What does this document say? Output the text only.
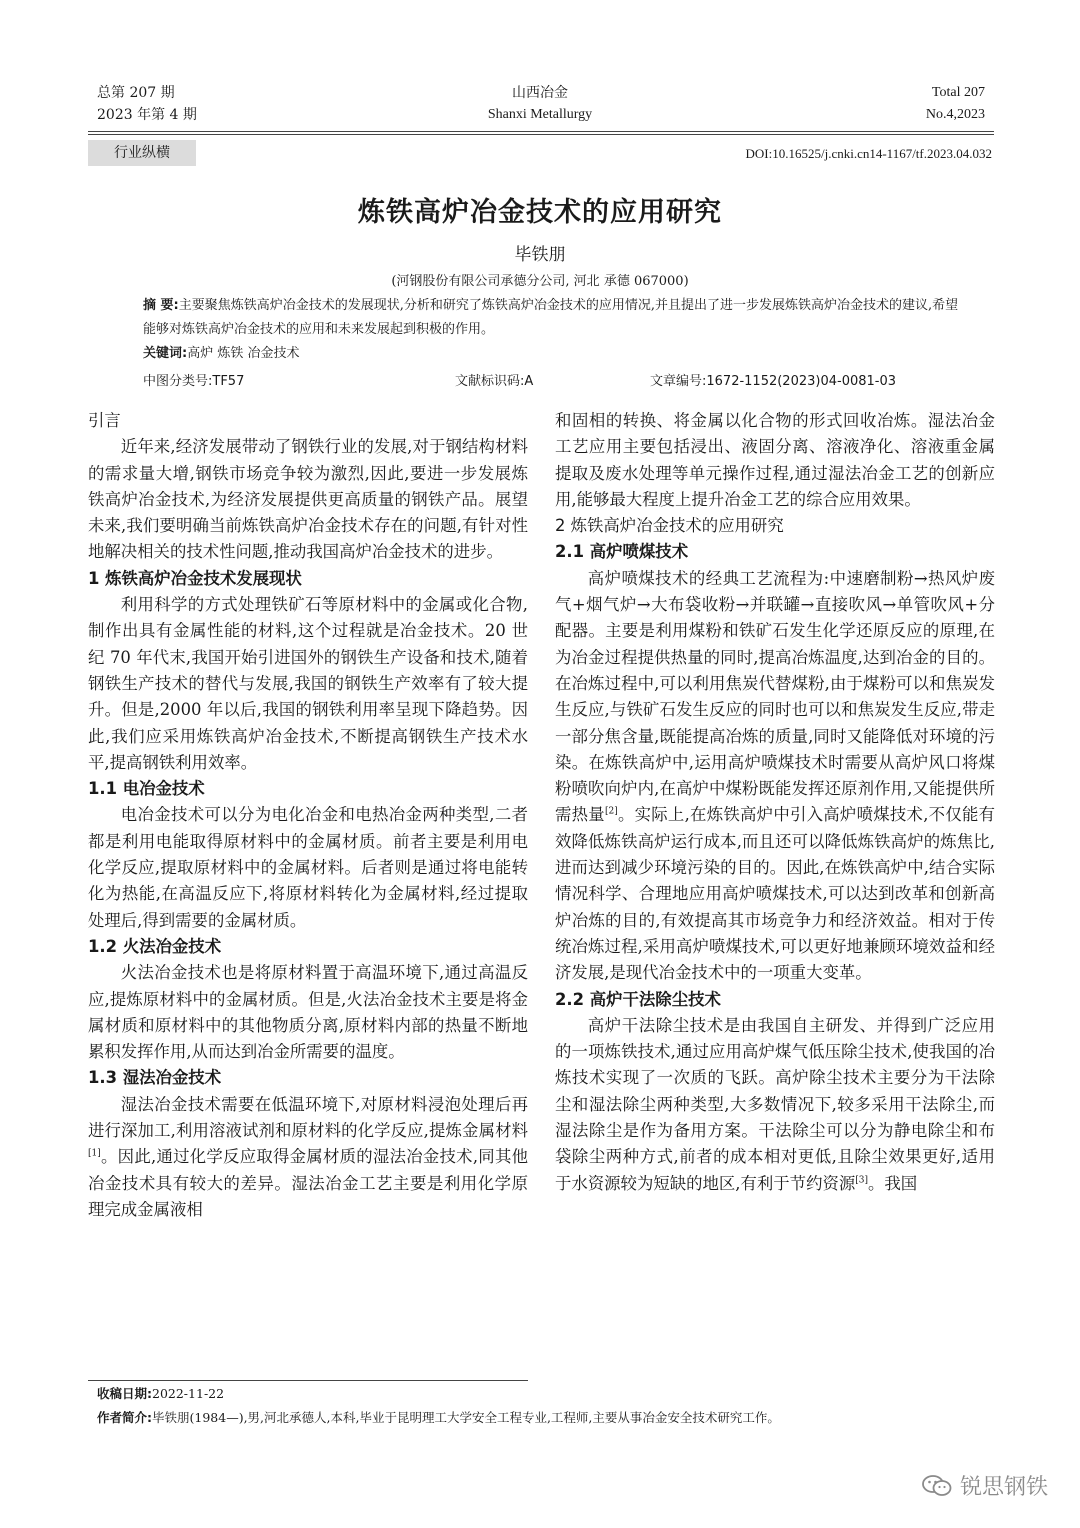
总第 207 期
2023 年第 4 期
山西冶金
Shanxi Metallurgy
Total 207
No.4,2023
行业纵横	DOI:10.16525/j.cnki.cn14-1167/tf.2023.04.032
炼铁高炉冶金技术的应用研究
毕铁朋
(河钢股份有限公司承德分公司, 河北 承德 067000)
摘 要:主要聚焦炼铁高炉冶金技术的发展现状,分析和研究了炼铁高炉冶金技术的应用情况,并且提出了进一步发展炼铁高炉冶金技术的建议,希望能够对炼铁高炉冶金技术的应用和未来发展起到积极的作用。
关键词:高炉 炼铁 冶金技术
中图分类号:TF57	文献标识码:A	文章编号:1672-1152(2023)04-0081-03
引言

近年来,经济发展带动了钢铁行业的发展,对于钢结构材料的需求量大增,钢铁市场竞争较为激烈,因此,要进一步发展炼铁高炉冶金技术,为经济发展提供更高质量的钢铁产品。展望未来,我们要明确当前炼铁高炉冶金技术存在的问题,有针对性地解决相关的技术性问题,推动我国高炉冶金技术的进步。

1 炼铁高炉冶金技术发展现状

利用科学的方式处理铁矿石等原材料中的金属或化合物,制作出具有金属性能的材料,这个过程就是冶金技术。20 世纪 70 年代末,我国开始引进国外的钢铁生产设备和技术,随着钢铁生产技术的替代与发展,我国的钢铁生产效率有了较大提升。但是,2000 年以后,我国的钢铁利用率呈现下降趋势。因此,我们应采用炼铁高炉冶金技术,不断提高钢铁生产技术水平,提高钢铁利用效率。

1.1 电冶金技术

电冶金技术可以分为电化冶金和电热冶金两种类型,二者都是利用电能取得原材料中的金属材质。前者主要是利用电化学反应,提取原材料中的金属材料。后者则是通过将电能转化为热能,在高温反应下,将原材料转化为金属材料,经过提取处理后,得到需要的金属材质。

1.2 火法冶金技术

火法冶金技术也是将原材料置于高温环境下,通过高温反应,提炼原材料中的金属材质。但是,火法冶金技术主要是将金属材质和原材料中的其他物质分离,原材料内部的热量不断地累积发挥作用,从而达到冶金所需要的温度。

1.3 湿法冶金技术

湿法冶金技术需要在低温环境下,对原材料浸泡处理后再进行深加工,利用溶液试剂和原材料的化学反应,提炼金属材料[1]。因此,通过化学反应取得金属材质的湿法冶金技术,同其他冶金技术具有较大的差异。湿法冶金工艺主要是利用化学原理完成金属液相

和固相的转换、将金属以化合物的形式回收冶炼。湿法冶金工艺应用主要包括浸出、液固分离、溶液净化、溶液重金属提取及废水处理等单元操作过程,通过湿法冶金工艺的创新应用,能够最大程度上提升冶金工艺的综合应用效果。

2 炼铁高炉冶金技术的应用研究
2.1 高炉喷煤技术

高炉喷煤技术的经典工艺流程为:中速磨制粉→热风炉废气+烟气炉→大布袋收粉→并联罐→直接吹风→单管吹风+分配器。主要是利用煤粉和铁矿石发生化学还原反应的原理,在为冶金过程提供热量的同时,提高冶炼温度,达到冶金的目的。在冶炼过程中,可以利用焦炭代替煤粉,由于煤粉可以和焦炭发生反应,与铁矿石发生反应的同时也可以和焦炭发生反应,带走一部分焦含量,既能提高冶炼的质量,同时又能降低对环境的污染。在炼铁高炉中,运用高炉喷煤技术时需要从高炉风口将煤粉喷吹向炉内,在高炉中煤粉既能发挥还原剂作用,又能提供所需热量[2]。实际上,在炼铁高炉中引入高炉喷煤技术,不仅能有效降低炼铁高炉运行成本,而且还可以降低炼铁高炉的炼焦比,进而达到减少环境污染的目的。因此,在炼铁高炉中,结合实际情况科学、合理地应用高炉喷煤技术,可以达到改革和创新高炉冶炼的目的,有效提高其市场竞争力和经济效益。相对于传统冶炼过程,采用高炉喷煤技术,可以更好地兼顾环境效益和经济发展,是现代冶金技术中的一项重大变革。

2.2 高炉干法除尘技术

高炉干法除尘技术是由我国自主研发、并得到广泛应用的一项炼铁技术,通过应用高炉煤气低压除尘技术,使我国的冶炼技术实现了一次质的飞跃。高炉除尘技术主要分为干法除尘和湿法除尘两种类型,大多数情况下,较多采用干法除尘,而湿法除尘是作为备用方案。干法除尘可以分为静电除尘和布袋除尘两种方式,前者的成本相对更低,且除尘效果更好,适用于水资源较为短缺的地区,有利于节约资源[3]。我国

收稿日期:2022-11-22
作者简介:毕铁朋(1984—),男,河北承德人,本科,毕业于昆明理工大学安全工程专业,工程师,主要从事冶金安全技术研究工作。
锐思钢铁
